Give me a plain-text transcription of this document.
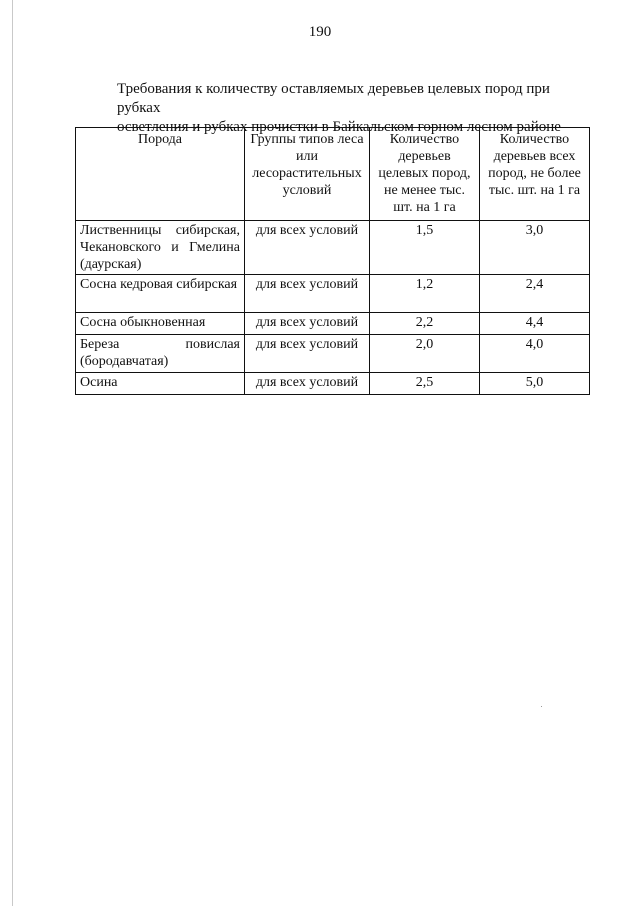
190
Требования к количеству оставляемых деревьев целевых пород при рубках
осветления и рубках прочистки в Байкальском горном лесном районе
Порода	Группы типов леса
или
лесорастительных
условий	Количество
деревьев
целевых пород,
не менее тыс.
шт. на 1 га	Количество
деревьев всех
пород, не более
тыс. шт. на 1 га

Лиственницы сибирская, Чекановского и Гмелина (даурская)	для всех условий	1,5	3,0
Сосна кедровая сибирская	для всех условий	1,2	2,4
Сосна обыкновенная	для всех условий	2,2	4,4
Береза повислая (бородавчатая)	для всех условий	2,0	4,0
Осина	для всех условий	2,5	5,0
